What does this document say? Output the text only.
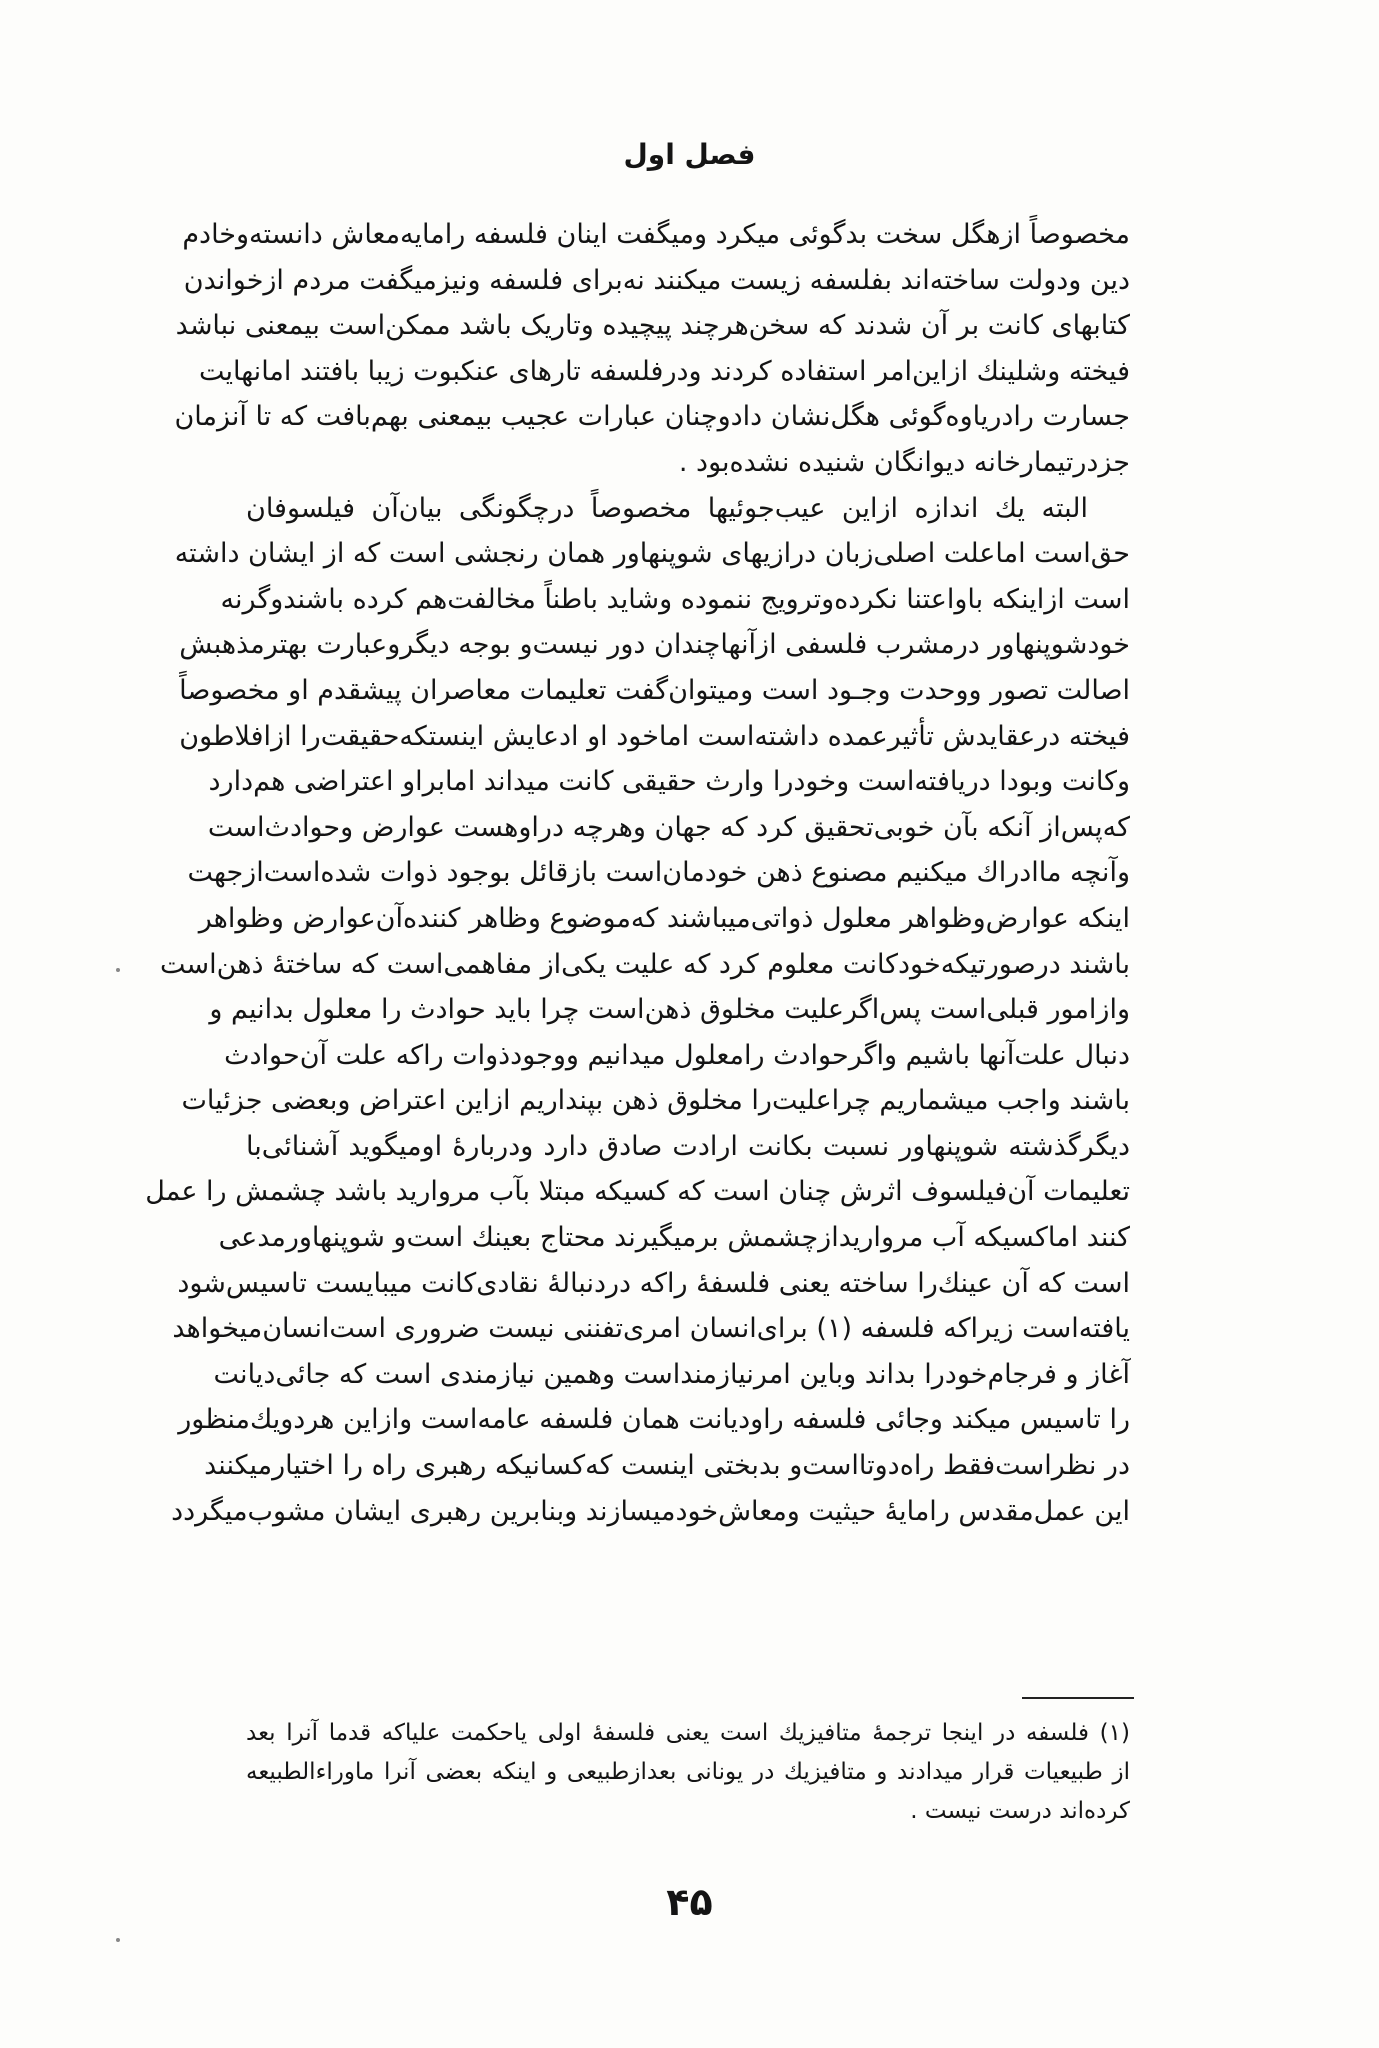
فصل اول
مخصوصاً ازهگل سخت بدگوئی میکرد ومیگفت اینان فلسفه رامایه‌معاش دانسته‌وخادم
دین ودولت ساخته‌اند بفلسفه زیست میکنند نه‌برای فلسفه ونیزمیگفت مردم ازخواندن
کتابهای کانت بر آن شدند که سخن‌هرچند پیچیده وتاریک باشد ممکن‌است بیمعنی نباشد
فیخته وشلینك ازاین‌امر استفاده کردند ودرفلسفه تارهای عنکبوت زیبا بافتند امانهایت
جسارت رادریاوه‌گوئی هگل‌نشان دادوچنان عبارات عجیب بیمعنی بهم‌بافت که تا آنزمان
جزدرتیمارخانه دیوانگان شنیده نشده‌بود .
البته يك اندازه ازاین عیب‌جوئیها مخصوصاً درچگونگی بیان‌آن فیلسوفان
حق‌است اماعلت اصلی‌زبان درازیهای شوپنهاور همان رنجشی است که از ایشان داشته
است ازاینکه باواعتنا نکرده‌وترویج ننموده وشاید باطناً مخالفت‌هم کرده باشندوگرنه
خودشوپنهاور درمشرب فلسفی ازآنهاچندان دور نیست‌و بوجه دیگروعبارت بهترمذهبش
اصالت تصور ووحدت وجـود است ومیتوان‌گفت تعلیمات معاصران پیشقدم او مخصوصاً
فیخته درعقایدش تأثیرعمده داشته‌است اماخود او ادعایش اینستکه‌حقیقت‌را ازافلاطون
وکانت وبودا دریافته‌است وخودرا وارث حقیقی کانت میداند امابراو اعتراضی هم‌دارد
که‌پس‌از آنکه بآن خوبی‌تحقیق کرد که جهان وهرچه دراوهست عوارض وحوادث‌است
وآنچه ماادراك میکنیم مصنوع ذهن خودمان‌است بازقائل بوجود ذوات شده‌است‌ازجهت
اینکه عوارض‌وظواهر معلول ذواتی‌میباشند که‌موضوع وظاهر کننده‌آن‌عوارض وظواهر
باشند درصورتیکه‌خودکانت معلوم کرد که علیت یکی‌از مفاهمی‌است که ساختهٔ ذهن‌است
وازامور قبلی‌است پس‌اگرعلیت مخلوق ذهن‌است چرا باید حوادث را معلول بدانیم و
دنبال علت‌آنها باشیم واگرحوادث رامعلول میدانیم ووجودذوات راکه علت آن‌حوادث
باشند واجب میشماریم چراعلیت‌را مخلوق ذهن بپنداریم ازاین اعتراض وبعضی جزئیات
دیگرگذشته شوپنهاور نسبت بکانت ارادت صادق دارد ودربارهٔ اومیگوید آشنائی‌با
تعلیمات آن‌فیلسوف اثرش چنان است که کسیکه مبتلا بآب مروارید باشد چشمش را عمل
کنند اماکسیکه آب مروارید‌ازچشمش برمیگیرند محتاج بعینك است‌و شوپنهاورمدعی
است که آن عینك‌را ساخته یعنی فلسفهٔ راکه دردنبالهٔ نقادی‌کانت میبایست تاسیس‌شود
یافته‌است زیراکه فلسفه (۱) برای‌انسان امری‌تفننی نیست ضروری است‌انسان‌میخواهد
آغاز و فرجام‌خودرا بداند وباین امرنیازمنداست وهمین نیازمندی است که جائی‌دیانت
را تاسیس میکند وجائی فلسفه راودیانت همان فلسفه عامه‌است وازاین هردویك‌منظور
در نظراست‌فقط راه‌دوتااست‌و بدبختی اینست که‌کسانیکه رهبری راه را اختیارمیکنند
این عمل‌مقدس رامایهٔ حیثیت ومعاش‌خودمیسازند وبنابرین رهبری ایشان مشوب‌میگردد
(۱) فلسفه در اینجا ترجمهٔ متافیزیك است یعنی فلسفهٔ اولی یاحکمت علیاکه قدما آنرا بعد
از طبیعیات قرار میدادند و متافیزیك در یونانی بعدازطبیعی و اینکه بعضی آنرا ماوراءالطبیعه
کرده‌اند درست نیست .
۴۵
